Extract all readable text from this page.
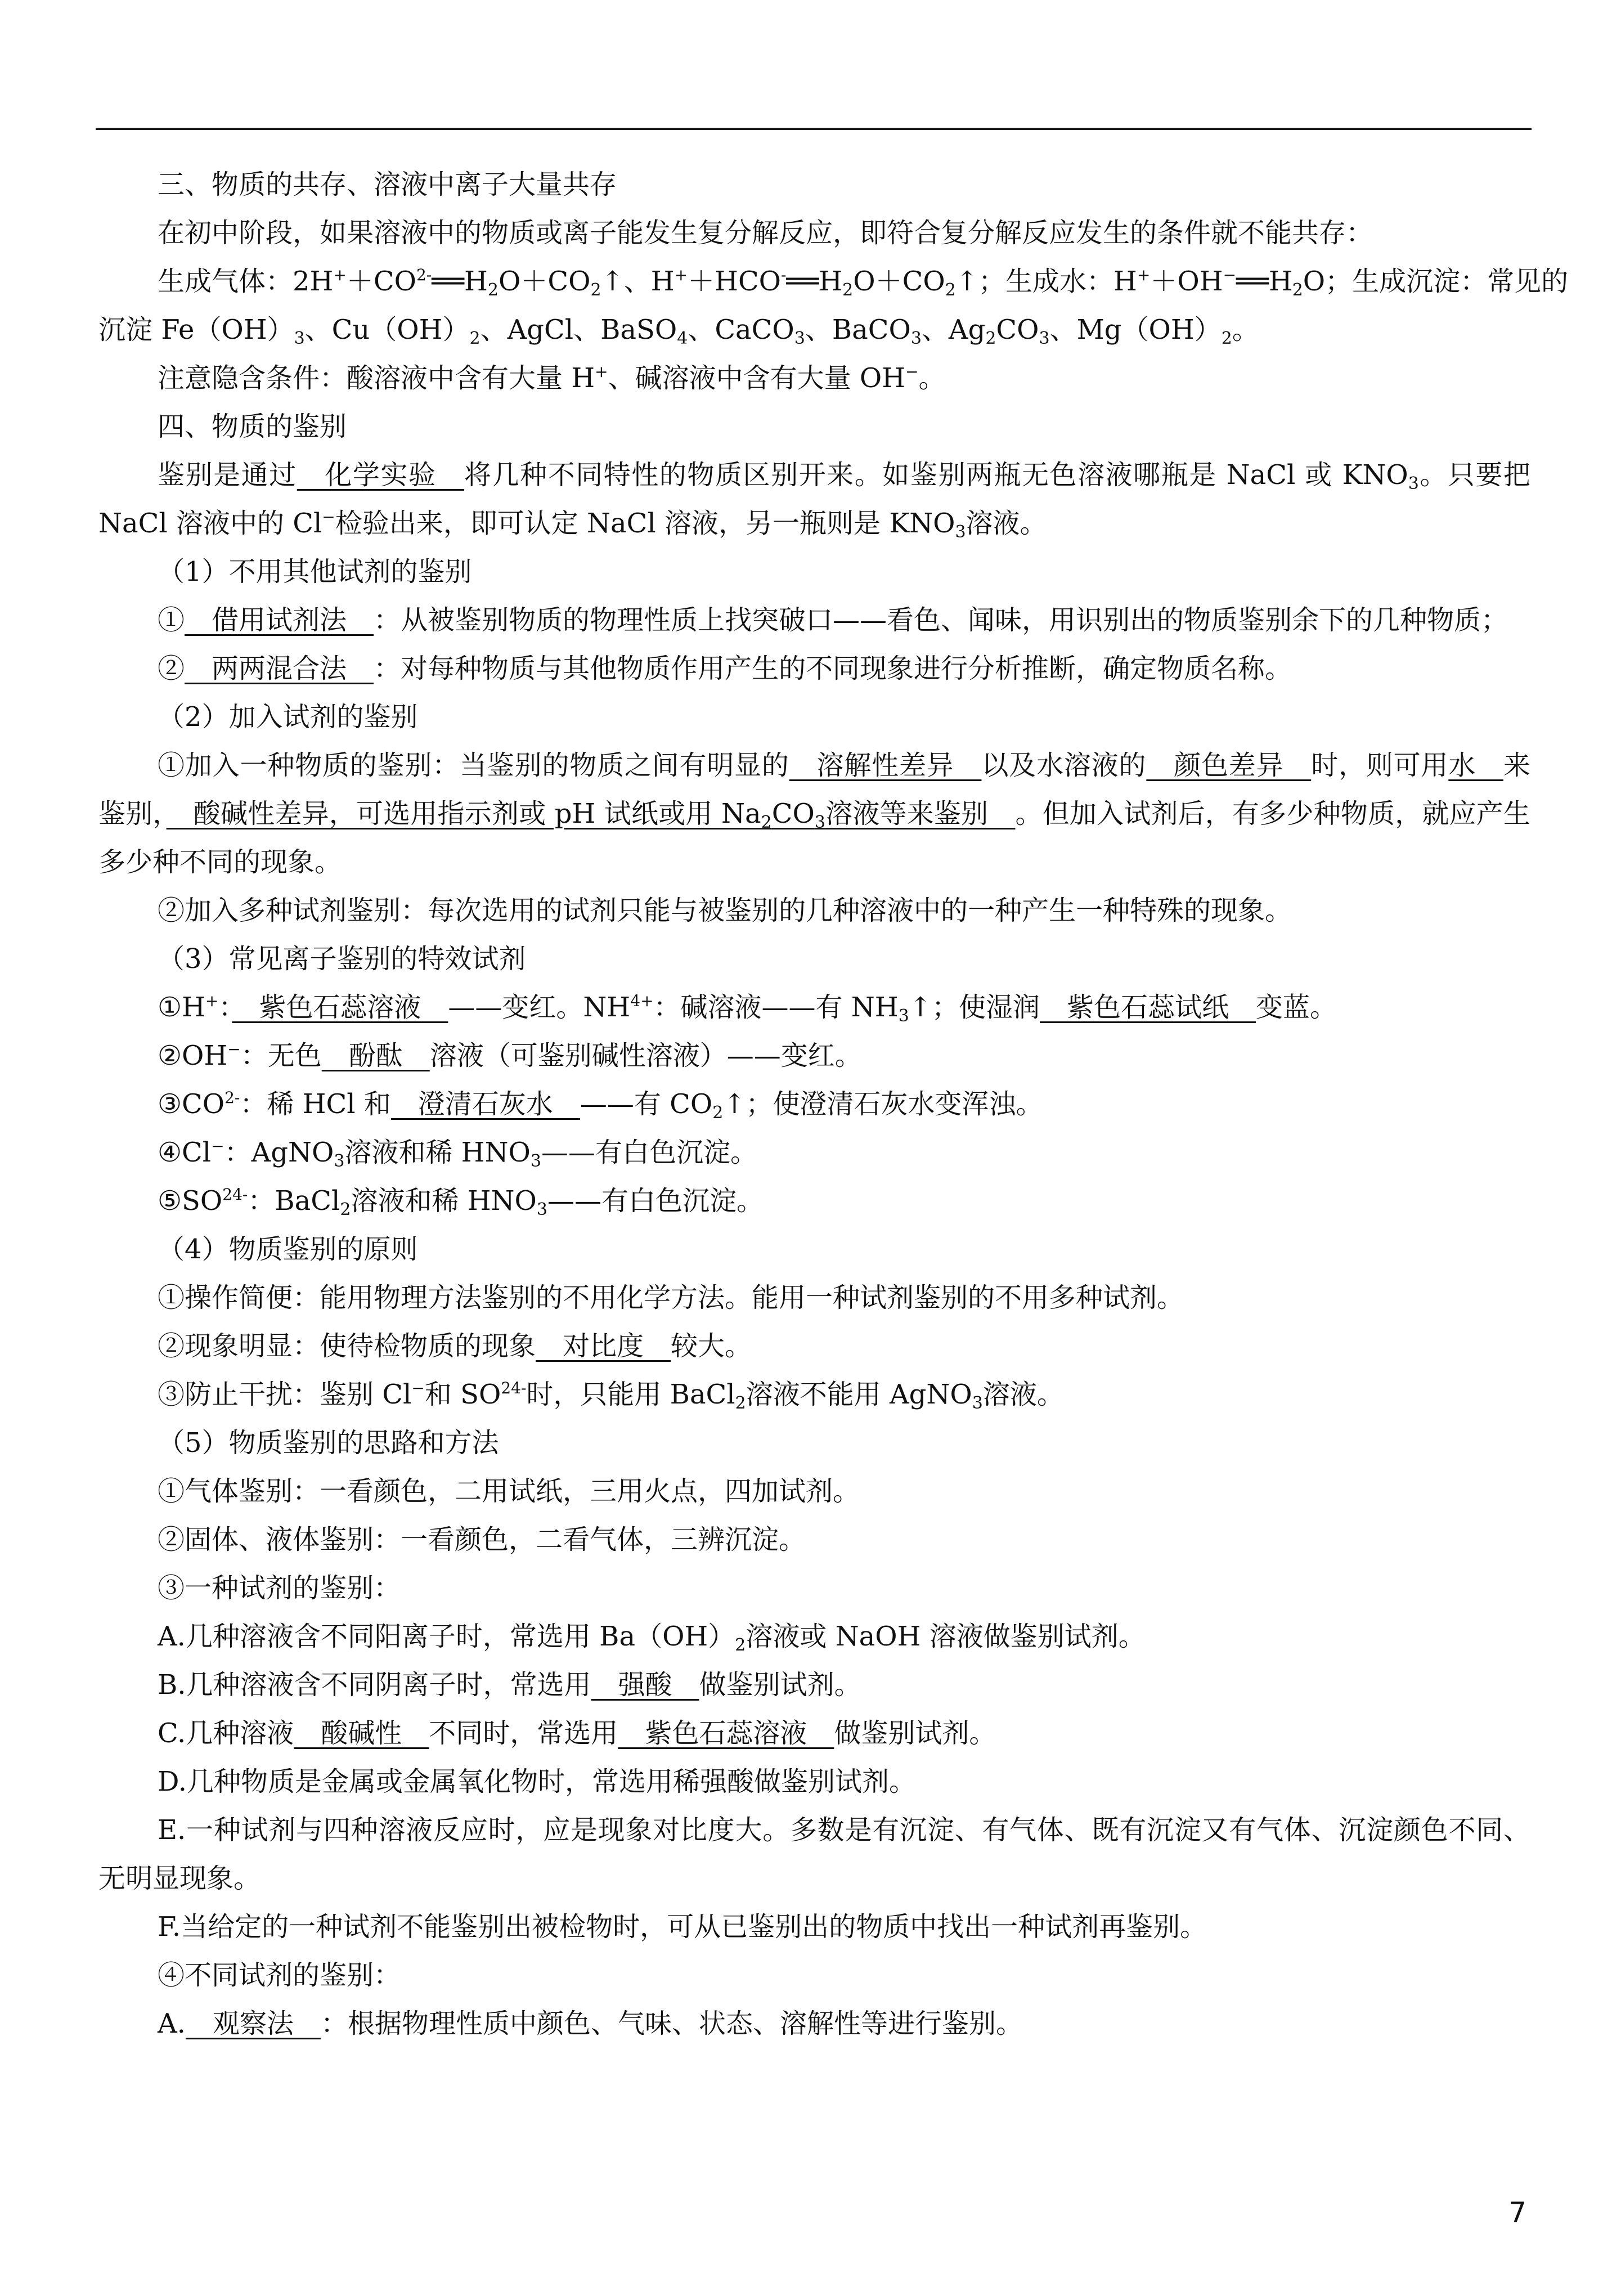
三、物质的共存、溶液中离子大量共存

在初中阶段，如果溶液中的物质或离子能发生复分解反应，即符合复分解反应发生的条件就不能共存：

生成气体：$2H^++CO^{2-}══H_2O+CO_2↑$、$H^++HCO^-══H_2O+CO_2↑$；生成水：$H^++OH^-══H_2O$；生成沉淀：常见的

沉淀 $Fe(OH)_3$、$Cu(OH)_2$、AgCl、BaSO$_4$、CaCO$_3$、BaCO$_3$、$Ag_2CO_3$、$Mg(OH)_2$。

注意隐含条件：酸溶液中含有大量 H+、碱溶液中含有大量 OH−。

四、物质的鉴别

鉴别是通过　化学实验　将几种不同特性的物质区别开来。如鉴别两瓶无色溶液哪瓶是 NaCl 或 $KNO_3$。只要把 NaCl 溶液中的 Cl−检验出来，即可认定 NaCl 溶液，另一瓶则是 $KNO_3$溶液。

（1）不用其他试剂的鉴别

①　借用试剂法　：从被鉴别物质的物理性质上找突破口——看色、闻味，用识别出的物质鉴别余下的几种物质；

②　两两混合法　：对每种物质与其他物质作用产生的不同现象进行分析推断，确定物质名称。

（2）加入试剂的鉴别

①加入一种物质的鉴别：当鉴别的物质之间有明显的　溶解性差异　以及水溶液的　颜色差异　时，则可用水　来鉴别，　酸碱性差异，可选用指示剂或 pH 试纸或用 $Na_2CO_3$溶液等来鉴别　。但加入试剂后，有多少种物质，就应产生多少种不同的现象。

②加入多种试剂鉴别：每次选用的试剂只能与被鉴别的几种溶液中的一种产生一种特殊的现象。

（3）常见离子鉴别的特效试剂

①H+：　紫色石蕊溶液　——变红。$NH^{4+}$：碱溶液——有 $NH_3↑$；使湿润　紫色石蕊试纸　变蓝。

②OH−：无色　酚酞　溶液（可鉴别碱性溶液）——变红。

$③CO^{2-}$：稀 HCl 和　澄清石灰水　——有 $CO_2↑$；使澄清石灰水变浑浊。

④Cl−：AgNO$_3$溶液和稀 $HNO_3——$有白色沉淀。

$⑤SO^{24-}$：BaCl$_2$溶液和稀 $HNO_3——$有白色沉淀。

（4）物质鉴别的原则

①操作简便：能用物理方法鉴别的不用化学方法。能用一种试剂鉴别的不用多种试剂。

②现象明显：使待检物质的现象　对比度　较大。

③防止干扰：鉴别 Cl−和 $SO^{24-}$时，只能用 BaCl$_2$溶液不能用 AgNO$_3$溶液。

（5）物质鉴别的思路和方法

①气体鉴别：一看颜色，二用试纸，三用火点，四加试剂。

②固体、液体鉴别：一看颜色，二看气体，三辨沉淀。

③一种试剂的鉴别：

A.几种溶液含不同阳离子时，常选用 $Ba(OH)_2$溶液或 NaOH 溶液做鉴别试剂。

B.几种溶液含不同阴离子时，常选用　强酸　做鉴别试剂。

C.几种溶液　酸碱性　不同时，常选用　紫色石蕊溶液　做鉴别试剂。

D.几种物质是金属或金属氧化物时，常选用稀强酸做鉴别试剂。

E.一种试剂与四种溶液反应时，应是现象对比度大。多数是有沉淀、有气体、既有沉淀又有气体、沉淀颜色不同、无明显现象。

F.当给定的一种试剂不能鉴别出被检物时，可从已鉴别出的物质中找出一种试剂再鉴别。

④不同试剂的鉴别：

A.　观察法　：根据物理性质中颜色、气味、状态、溶解性等进行鉴别。

7
